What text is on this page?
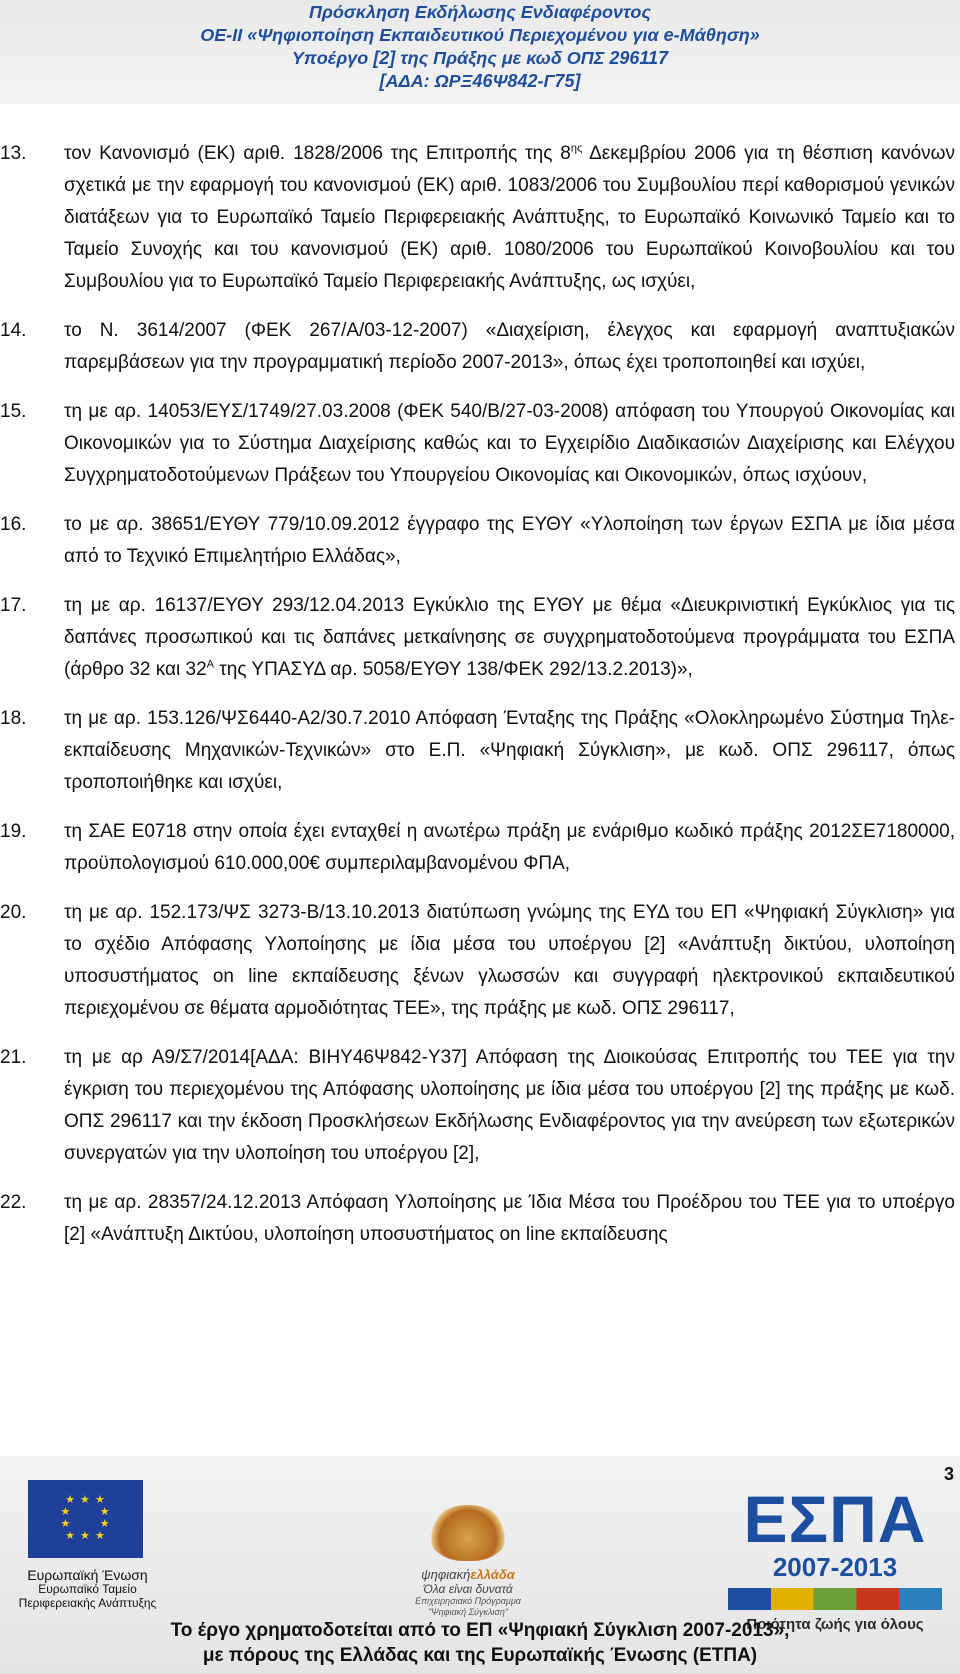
Πρόσκληση Εκδήλωσης Ενδιαφέροντος
ΟΕ-ΙΙ «Ψηφιοποίηση Εκπαιδευτικού Περιεχομένου για e-Μάθηση»
Υποέργο [2] της Πράξης με κωδ ΟΠΣ 296117
[ΑΔΑ: ΩΡΞ46Ψ842-Γ75]
13. τον Κανονισμό (ΕΚ) αριθ. 1828/2006 της Επιτροπής της $8^{\eta\varsigma}$ Δεκεμβρίου 2006 για τη θέσπιση κανόνων σχετικά με την εφαρμογή του κανονισμού (ΕΚ) αριθ. 1083/2006 του Συμβουλίου περί καθορισμού γενικών διατάξεων για το Ευρωπαϊκό Ταμείο Περιφερειακής Ανάπτυξης, το Ευρωπαϊκό Κοινωνικό Ταμείο και το Ταμείο Συνοχής και του κανονισμού (ΕΚ) αριθ. 1080/2006 του Ευρωπαϊκού Κοινοβουλίου και του Συμβουλίου για το Ευρωπαϊκό Ταμείο Περιφερειακής Ανάπτυξης, ως ισχύει,
14. το Ν. 3614/2007 (ΦΕΚ 267/Α/03-12-2007) «Διαχείριση, έλεγχος και εφαρμογή αναπτυξιακών παρεμβάσεων για την προγραμματική περίοδο 2007-2013», όπως έχει τροποποιηθεί και ισχύει,
15. τη με αρ. 14053/ΕΥΣ/1749/27.03.2008 (ΦΕΚ 540/Β/27-03-2008) απόφαση του Υπουργού Οικονομίας και Οικονομικών για το Σύστημα Διαχείρισης καθώς και το Εγχειρίδιο Διαδικασιών Διαχείρισης και Ελέγχου Συγχρηματοδοτούμενων Πράξεων του Υπουργείου Οικονομίας και Οικονομικών, όπως ισχύουν,
16. το με αρ. 38651/ΕΥΘΥ 779/10.09.2012 έγγραφο της ΕΥΘΥ «Υλοποίηση των έργων ΕΣΠΑ με ίδια μέσα από το Τεχνικό Επιμελητήριο Ελλάδας»,
17. τη με αρ. 16137/ΕΥΘΥ 293/12.04.2013 Εγκύκλιο της ΕΥΘΥ με θέμα «Διευκρινιστική Εγκύκλιος για τις δαπάνες προσωπικού και τις δαπάνες μετκαίνησης σε συγχρηματοδοτούμενα προγράμματα του ΕΣΠΑ (άρθρο 32 και $32^A$ της ΥΠΑΣΥΔ αρ. 5058/ΕΥΘΥ 138/ΦΕΚ 292/13.2.2013)»,
18. τη με αρ. 153.126/ΨΣ6440-Α2/30.7.2010 Απόφαση Ένταξης της Πράξης «Ολοκληρωμένο Σύστημα Τηλε-εκπαίδευσης Μηχανικών-Τεχνικών» στο Ε.Π. «Ψηφιακή Σύγκλιση», με κωδ. ΟΠΣ 296117, όπως τροποποιήθηκε και ισχύει,
19. τη ΣΑΕ Ε0718 στην οποία έχει ενταχθεί η ανωτέρω πράξη με ενάριθμο κωδικό πράξης 2012ΣΕ7180000, προϋπολογισμού 610.000,00€ συμπεριλαμβανομένου ΦΠΑ,
20. τη με αρ. 152.173/ΨΣ 3273-Β/13.10.2013 διατύπωση γνώμης της ΕΥΔ του ΕΠ «Ψηφιακή Σύγκλιση» για το σχέδιο Απόφασης Υλοποίησης με ίδια μέσα του υποέργου [2] «Ανάπτυξη δικτύου, υλοποίηση υποσυστήματος on line εκπαίδευσης ξένων γλωσσών και συγγραφή ηλεκτρονικού εκπαιδευτικού περιεχομένου σε θέματα αρμοδιότητας ΤΕΕ», της πράξης με κωδ. ΟΠΣ 296117,
21. τη με αρ Α9/Σ7/2014[ΑΔΑ: ΒΙΗΥ46Ψ842-Υ37] Απόφαση της Διοικούσας Επιτροπής του ΤΕΕ για την έγκριση του περιεχομένου της Απόφασης υλοποίησης με ίδια μέσα του υποέργου [2] της πράξης με κωδ. ΟΠΣ 296117 και την έκδοση Προσκλήσεων Εκδήλωσης Ενδιαφέροντος για την ανεύρεση των εξωτερικών συνεργατών για την υλοποίηση του υποέργου [2],
22. τη με αρ. 28357/24.12.2013 Απόφαση Υλοποίησης με Ίδια Μέσα του Προέδρου του ΤΕΕ για το υποέργο [2] «Ανάπτυξη Δικτύου, υλοποίηση υποσυστήματος on line εκπαίδευσης
3
★ ★ ★
★       ★
★       ★
★ ★ ★
Ευρωπαϊκή Ένωση
Ευρωπαϊκό Ταμείο
Περιφερειακής Ανάπτυξης
ψηφιακήελλάδα
Όλα είναι δυνατά
Επιχειρησιακό Πρόγραμμα
"Ψηφιακή Σύγκλιση"
ΕΣΠΑ
2007-2013
Ποιότητα ζωής για όλους
Το έργο χρηματοδοτείται από το ΕΠ «Ψηφιακή Σύγκλιση 2007-2013»,
με πόρους της Ελλάδας και της Ευρωπαϊκής Ένωσης (ΕΤΠΑ)
